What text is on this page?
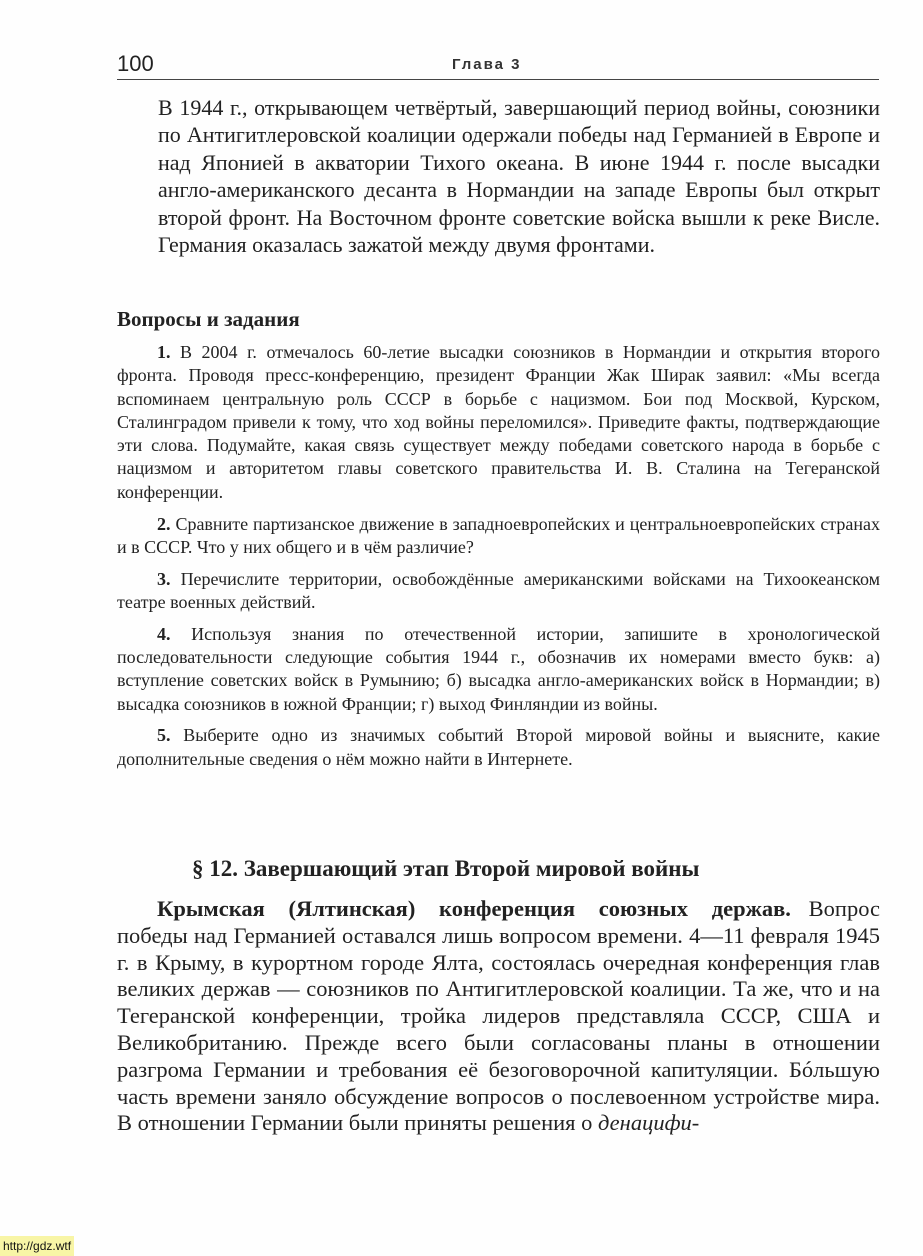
100	Глава 3
В 1944 г., открывающем четвёртый, завершающий период войны, союзники по Антигитлеровской коалиции одержали победы над Германией в Европе и над Японией в акватории Тихого океана. В июне 1944 г. после высадки англо-американского десанта в Нормандии на западе Европы был открыт второй фронт. На Восточном фронте советские войска вышли к реке Висле. Германия оказалась зажатой между двумя фронтами.
Вопросы и задания

1. В 2004 г. отмечалось 60-летие высадки союзников в Нормандии и открытия второго фронта. Проводя пресс-конференцию, президент Франции Жак Ширак заявил: «Мы всегда вспоминаем центральную роль СССР в борьбе с нацизмом. Бои под Москвой, Курском, Сталинградом привели к тому, что ход войны переломился». Приведите факты, подтверждающие эти слова. Подумайте, какая связь существует между победами советского народа в борьбе с нацизмом и авторитетом главы советского правительства И. В. Сталина на Тегеранской конференции.

2. Сравните партизанское движение в западноевропейских и центральноевропейских странах и в СССР. Что у них общего и в чём различие?

3. Перечислите территории, освобождённые американскими войсками на Тихоокеанском театре военных действий.

4. Используя знания по отечественной истории, запишите в хронологической последовательности следующие события 1944 г., обозначив их номерами вместо букв: а) вступление советских войск в Румынию; б) высадка англо-американских войск в Нормандии; в) высадка союзников в южной Франции; г) выход Финляндии из войны.

5. Выберите одно из значимых событий Второй мировой войны и выясните, какие дополнительные сведения о нём можно найти в Интернете.

§ 12. Завершающий этап Второй мировой войны
Крымская (Ялтинская) конференция союзных держав. Вопрос победы над Германией оставался лишь вопросом времени. 4—11 февраля 1945 г. в Крыму, в курортном городе Ялта, состоялась очередная конференция глав великих держав — союзников по Антигитлеровской коалиции. Та же, что и на Тегеранской конференции, тройка лидеров представляла СССР, США и Великобританию. Прежде всего были согласованы планы в отношении разгрома Германии и требования её безоговорочной капитуляции. Бóльшую часть времени заняло обсуждение вопросов о послевоенном устройстве мира. В отношении Германии были приняты решения о денацифи-
http://gdz.wtf
